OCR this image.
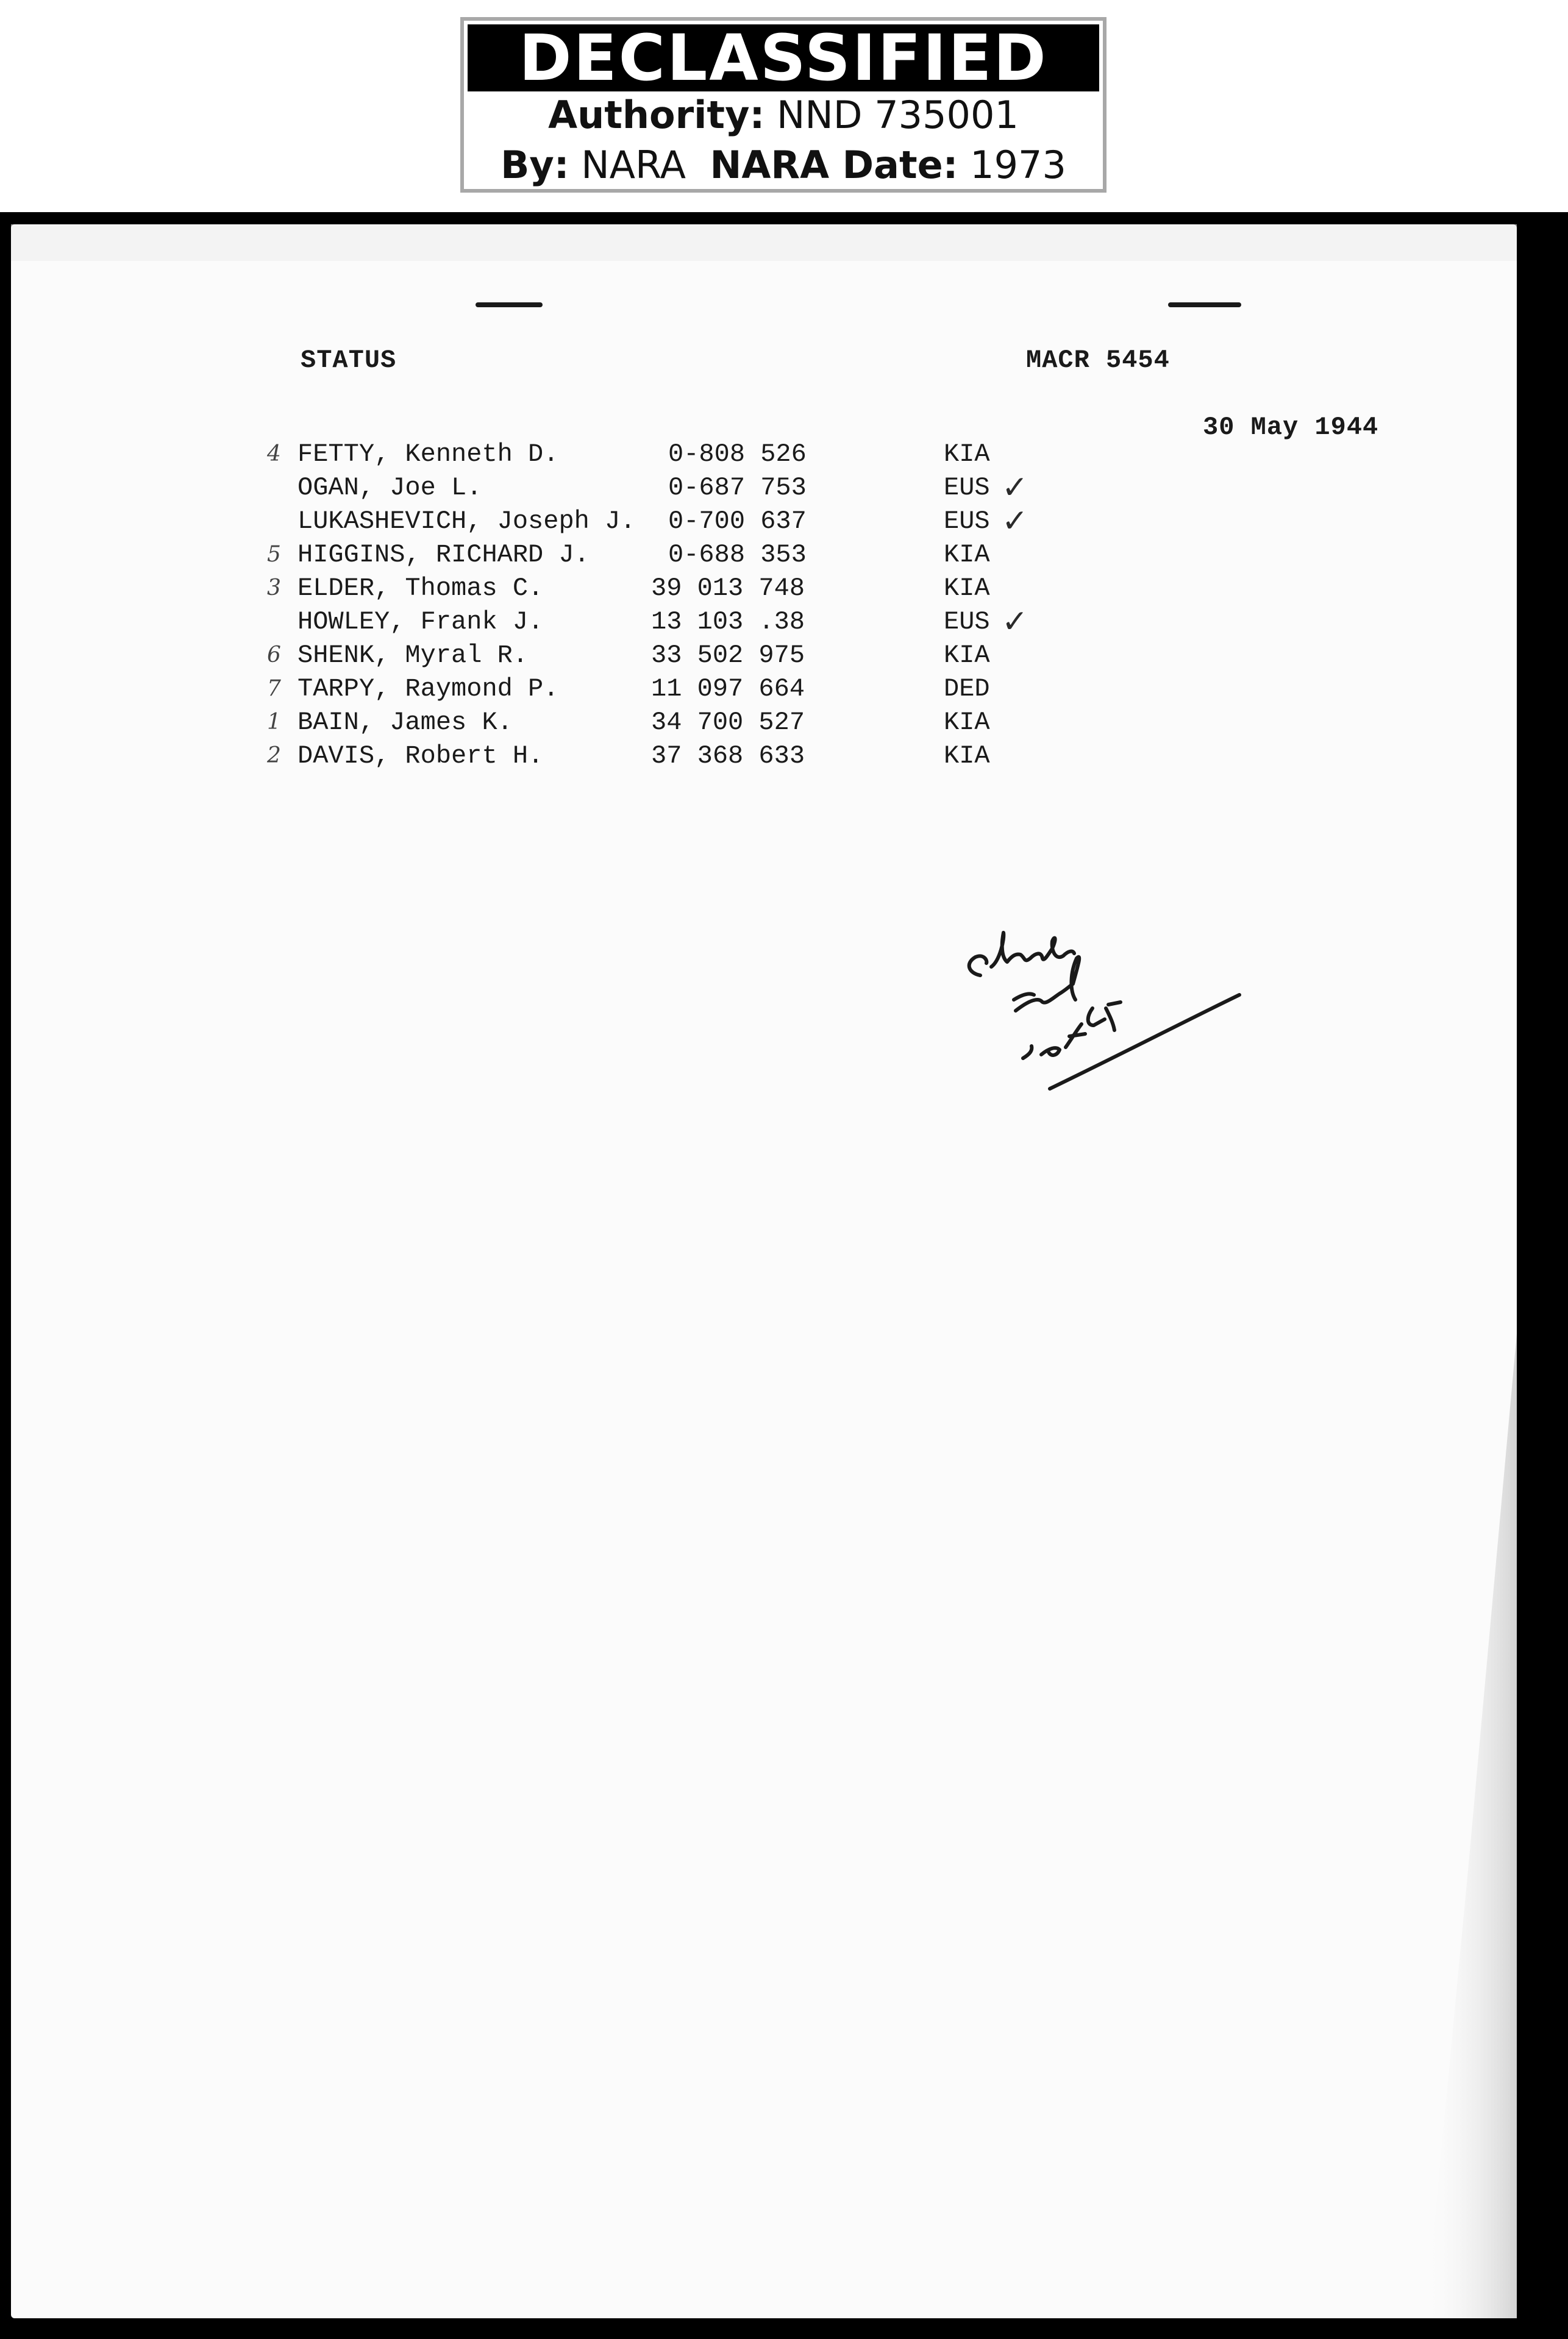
DECLASSIFIED
Authority: NND 735001
By: NARA NARA Date: 1973
STATUS	MACR 5454
30 May 1944
4 FETTY, Kenneth D.	0-808 526	KIA
OGAN, Joe L.	0-687 753	EUS ✓
LUKASHEVICH, Joseph J. 0-700 637	EUS ✓
5 HIGGINS, RICHARD J.	0-688 353	KIA
3 ELDER, Thomas C.	39 013 748	KIA
HOWLEY, Frank J.	13 103 .38	EUS ✓
6 SHENK, Myral R.	33 502 975	KIA
7 TARPY, Raymond P.	11 097 664	DED
1 BAIN, James K.	34 700 527	KIA
2 DAVIS, Robert H.	37 368 633	KIA
